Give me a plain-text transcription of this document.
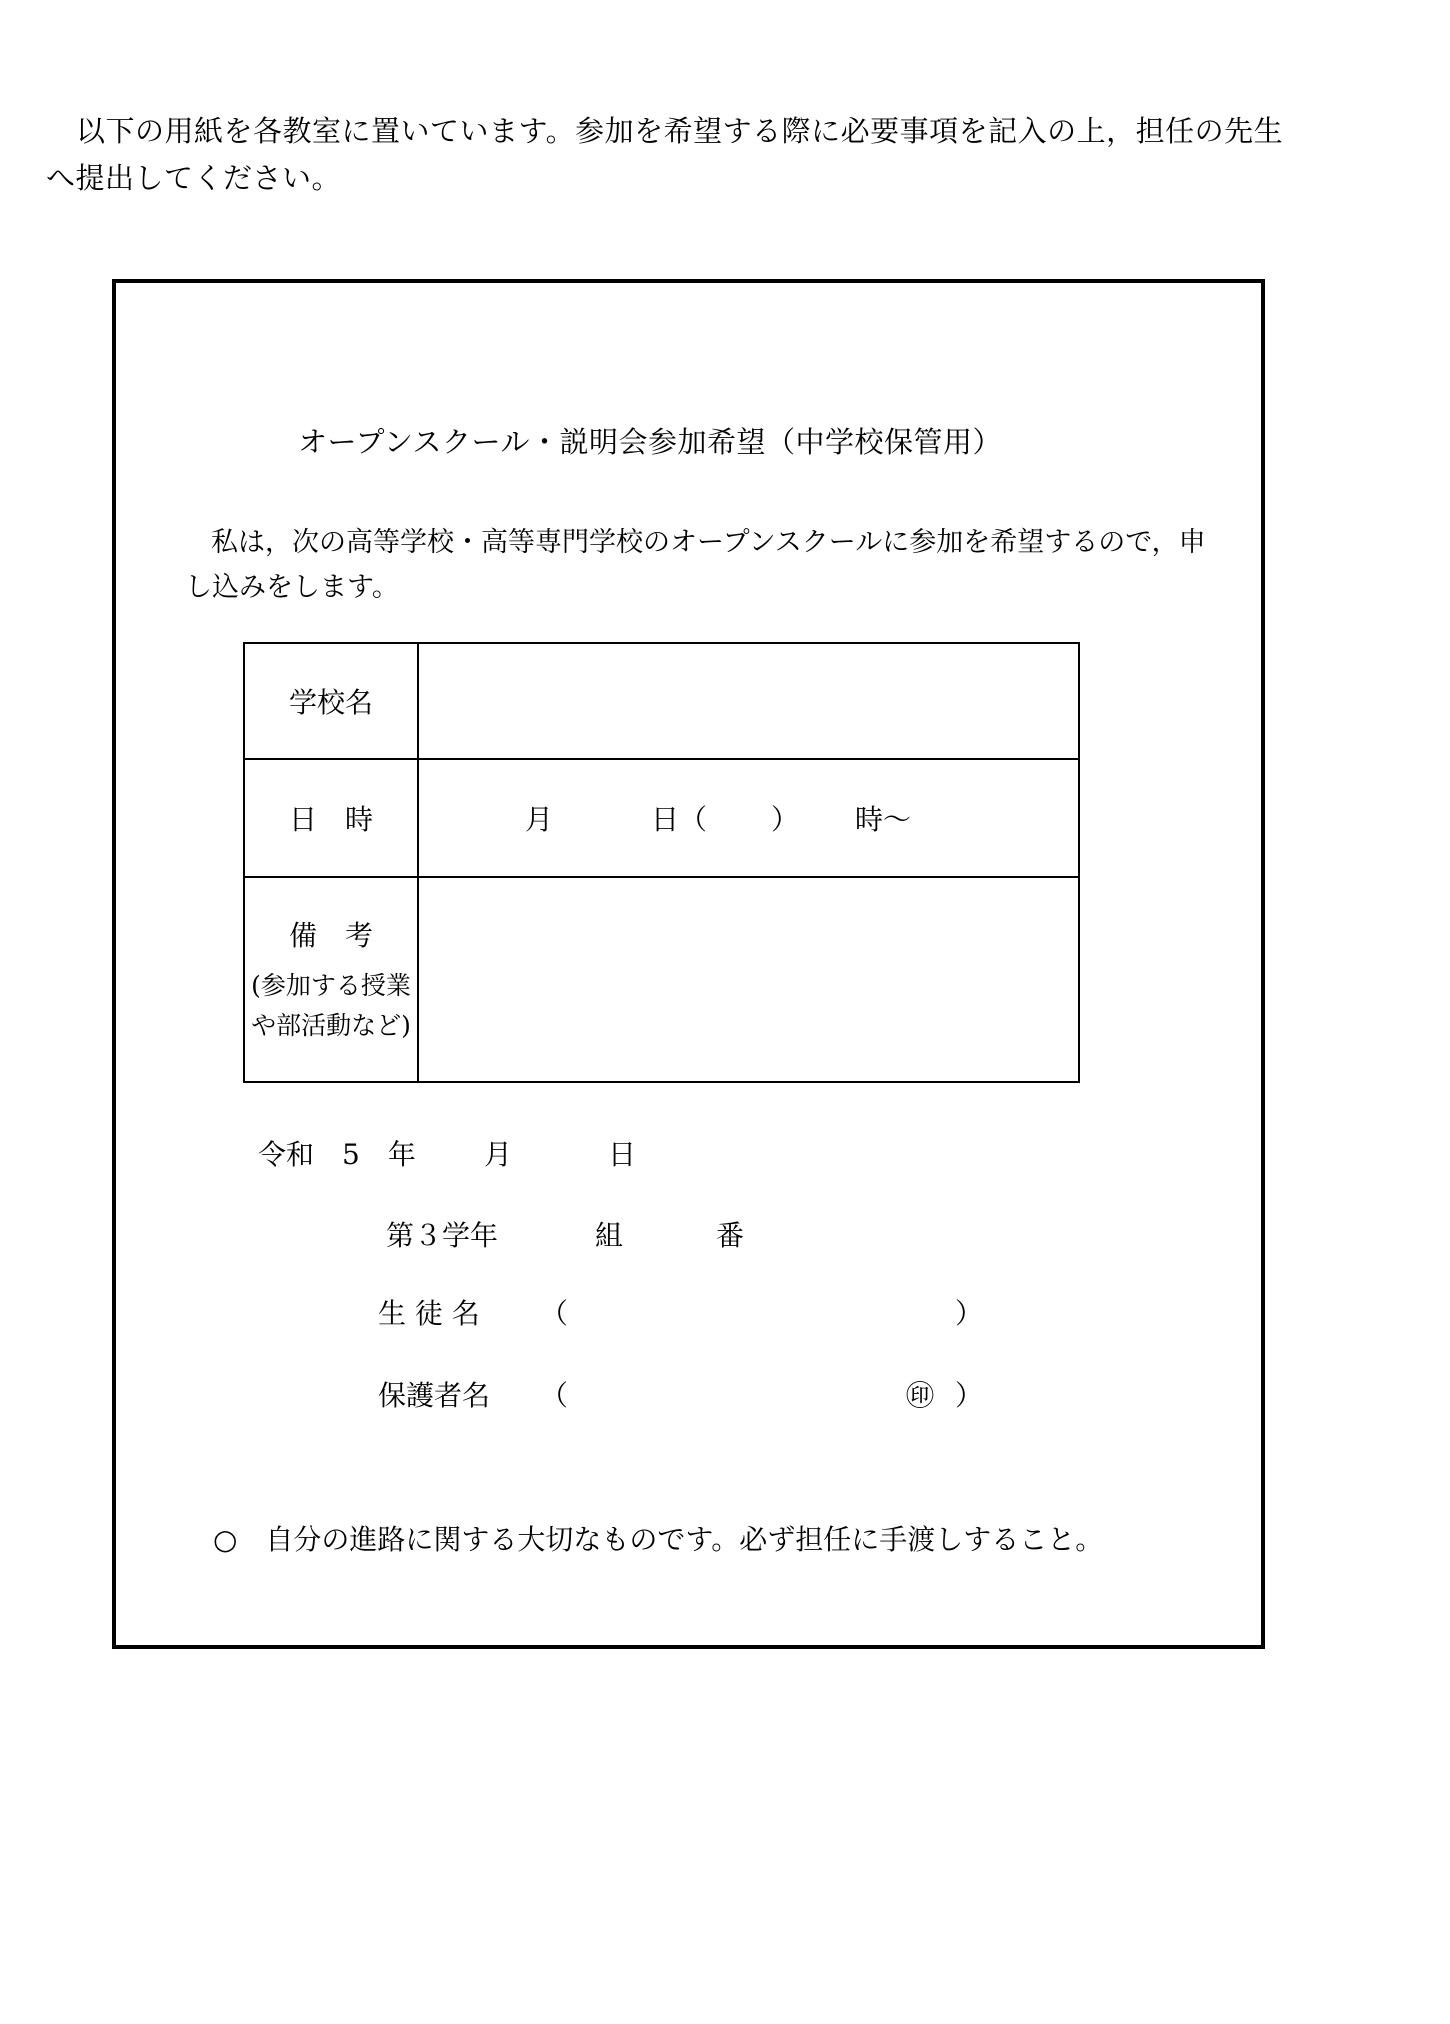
以下の用紙を各教室に置いています。参加を希望する際に必要事項を記入の上，担任の先生へ提出してください。
オープンスクール・説明会参加希望（中学校保管用）
私は，次の高等学校・高等専門学校のオープンスクールに参加を希望するので，申し込みをします。
学校名	
日　時	月 日（ ） 時～

備　考
(参加する授業や部活動など)	

令和　5　年 月	日
第３学年	組	番
生 徒 名 （	）
保護者名 （	㊞ ）
○　自分の進路に関する大切なものです。必ず担任に手渡しすること。
